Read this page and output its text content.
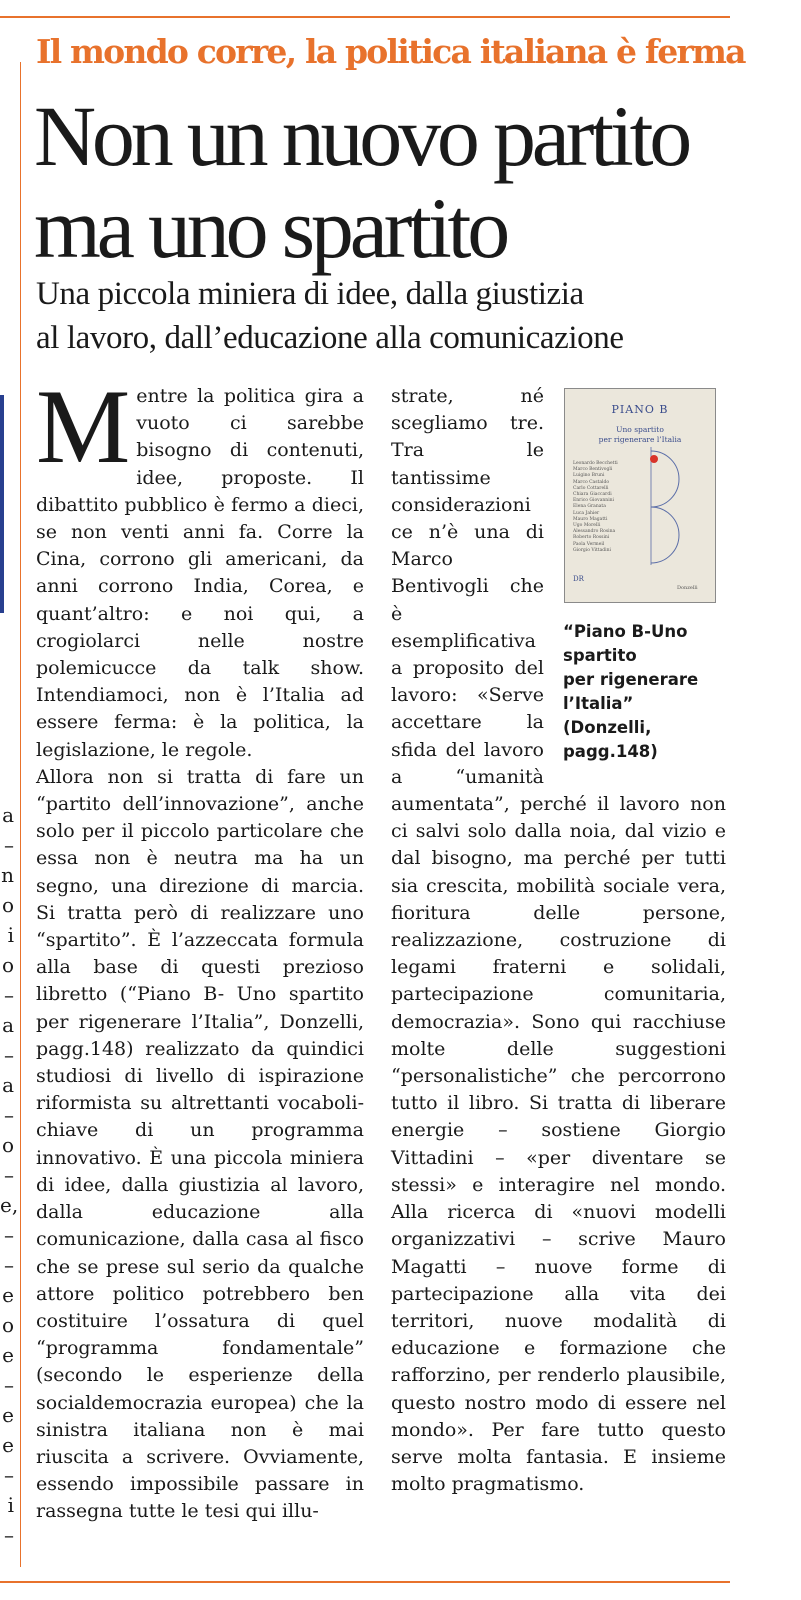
a
–
n
o
i
o
–
a
–
a
–
o
–
e,
–
–
e
o
e
–
e
e
–
i
–
Il mondo corre, la politica italiana è ferma
Non un nuovo partito
ma uno spartito
Una piccola miniera di idee, dalla giustizia
al lavoro, dall’educazione alla comunicazione

Mentre la politica gira a vuoto ci sarebbe bisogno di contenuti, idee, proposte. Il dibattito pubblico è fermo a dieci, se non venti anni fa. Corre la Cina, corrono gli americani, da anni corrono India, Corea, e quant’altro: e noi qui, a crogiolarci nelle nostre polemicucce da talk show. Intendiamoci, non è l’Italia ad essere ferma: è la politica, la legislazione, le regole.

Allora non si tratta di fare un “partito dell’innovazione”, anche solo per il piccolo particolare che essa non è neutra ma ha un segno, una direzione di marcia. Si tratta però di realizzare uno “spartito”. È l’azzeccata formula alla base di questi prezioso libretto (“Piano B- Uno spartito per rigenerare l’Italia”, Donzelli, pagg.148) realizzato da quindici studiosi di livello di ispirazione riformista su altrettanti vocaboli-chiave di un programma innovativo. È una piccola miniera di idee, dalla giustizia al lavoro, dalla educazione alla comunicazione, dalla casa al fisco che se prese sul serio da qualche attore politico potrebbero ben costituire l’ossatura di quel “programma fondamentale” (secondo le esperienze della socialdemocrazia europea) che la sinistra italiana non è mai riuscita a scrivere. Ovviamente, essendo impossibile passare in rassegna tutte le tesi qui illu-

strate, né scegliamo tre. Tra le tantissime considerazioni ce n’è una di Marco Bentivogli che è esemplificativa a proposito del lavoro: «Serve accettare la sfida del lavoro a “umanità aumentata”, perché il lavoro non ci salvi solo dalla noia, dal vizio e dal bisogno, ma perché per tutti sia crescita, mobilità sociale vera, fioritura delle persone, realizzazione, costruzione di legami fraterni e solidali, partecipazione comunitaria, democrazia». Sono qui racchiuse molte delle suggestioni “personalistiche” che percorrono tutto il libro. Si tratta di liberare energie – sostiene Giorgio Vittadini – «per diventare se stessi» e interagire nel mondo. Alla ricerca di «nuovi modelli organizzativi – scrive Mauro Magatti – nuove forme di partecipazione alla vita dei territori, nuove modalità di educazione e formazione che rafforzino, per renderlo plausibile, questo nostro modo di essere nel mondo». Per fare tutto questo serve molta fantasia. E insieme molto pragmatismo.

PIANO B
Uno spartito
per rigenerare l’Italia
Leonardo Becchetti
Marco Bentivogli
Luigino Bruni
Marco Castaldo
Carlo Cottarelli
Chiara Giaccardi
Enrico Giovannini
Elena Granata
Luca Jahier
Mauro Magatti
Ugo Morelli
Alessandro Rosina
Roberto Rossini
Paola Vermeil
Giorgio Vittadini
DR
Donzelli
“Piano B-Uno
spartito
per rigenerare
l’Italia”
(Donzelli,
pagg.148)
